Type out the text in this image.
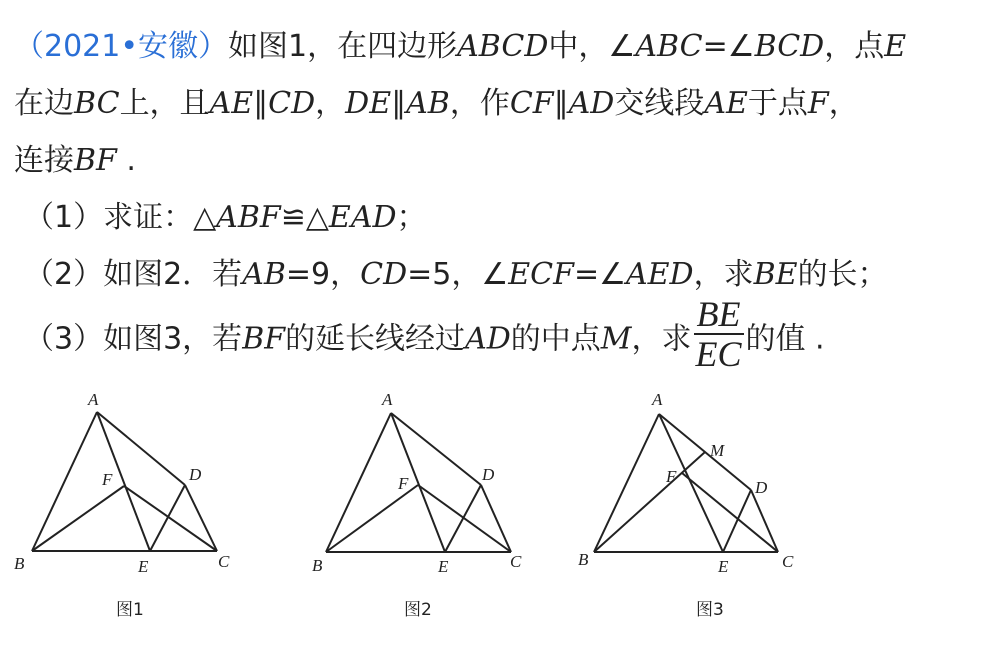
（2021•安徽）如图1，在四边形ABCD中，∠ABC=∠BCD，点E
在边BC上，且AE∥CD，DE∥AB，作CF∥AD交线段AE于点F，
连接BF .
（1）求证：△ABF≌△EAD；
（2）如图2．若AB=9，CD=5，∠ECF=∠AED，求BE的长；
（3）如图3，若BF的延长线经过AD的中点M，求 $\frac{BE}{EC}$ 的值 .
A
B	C
D
E
F
图1
A
B	C
D
E
F
图2
A
B	C
D
E
F
M
图3
